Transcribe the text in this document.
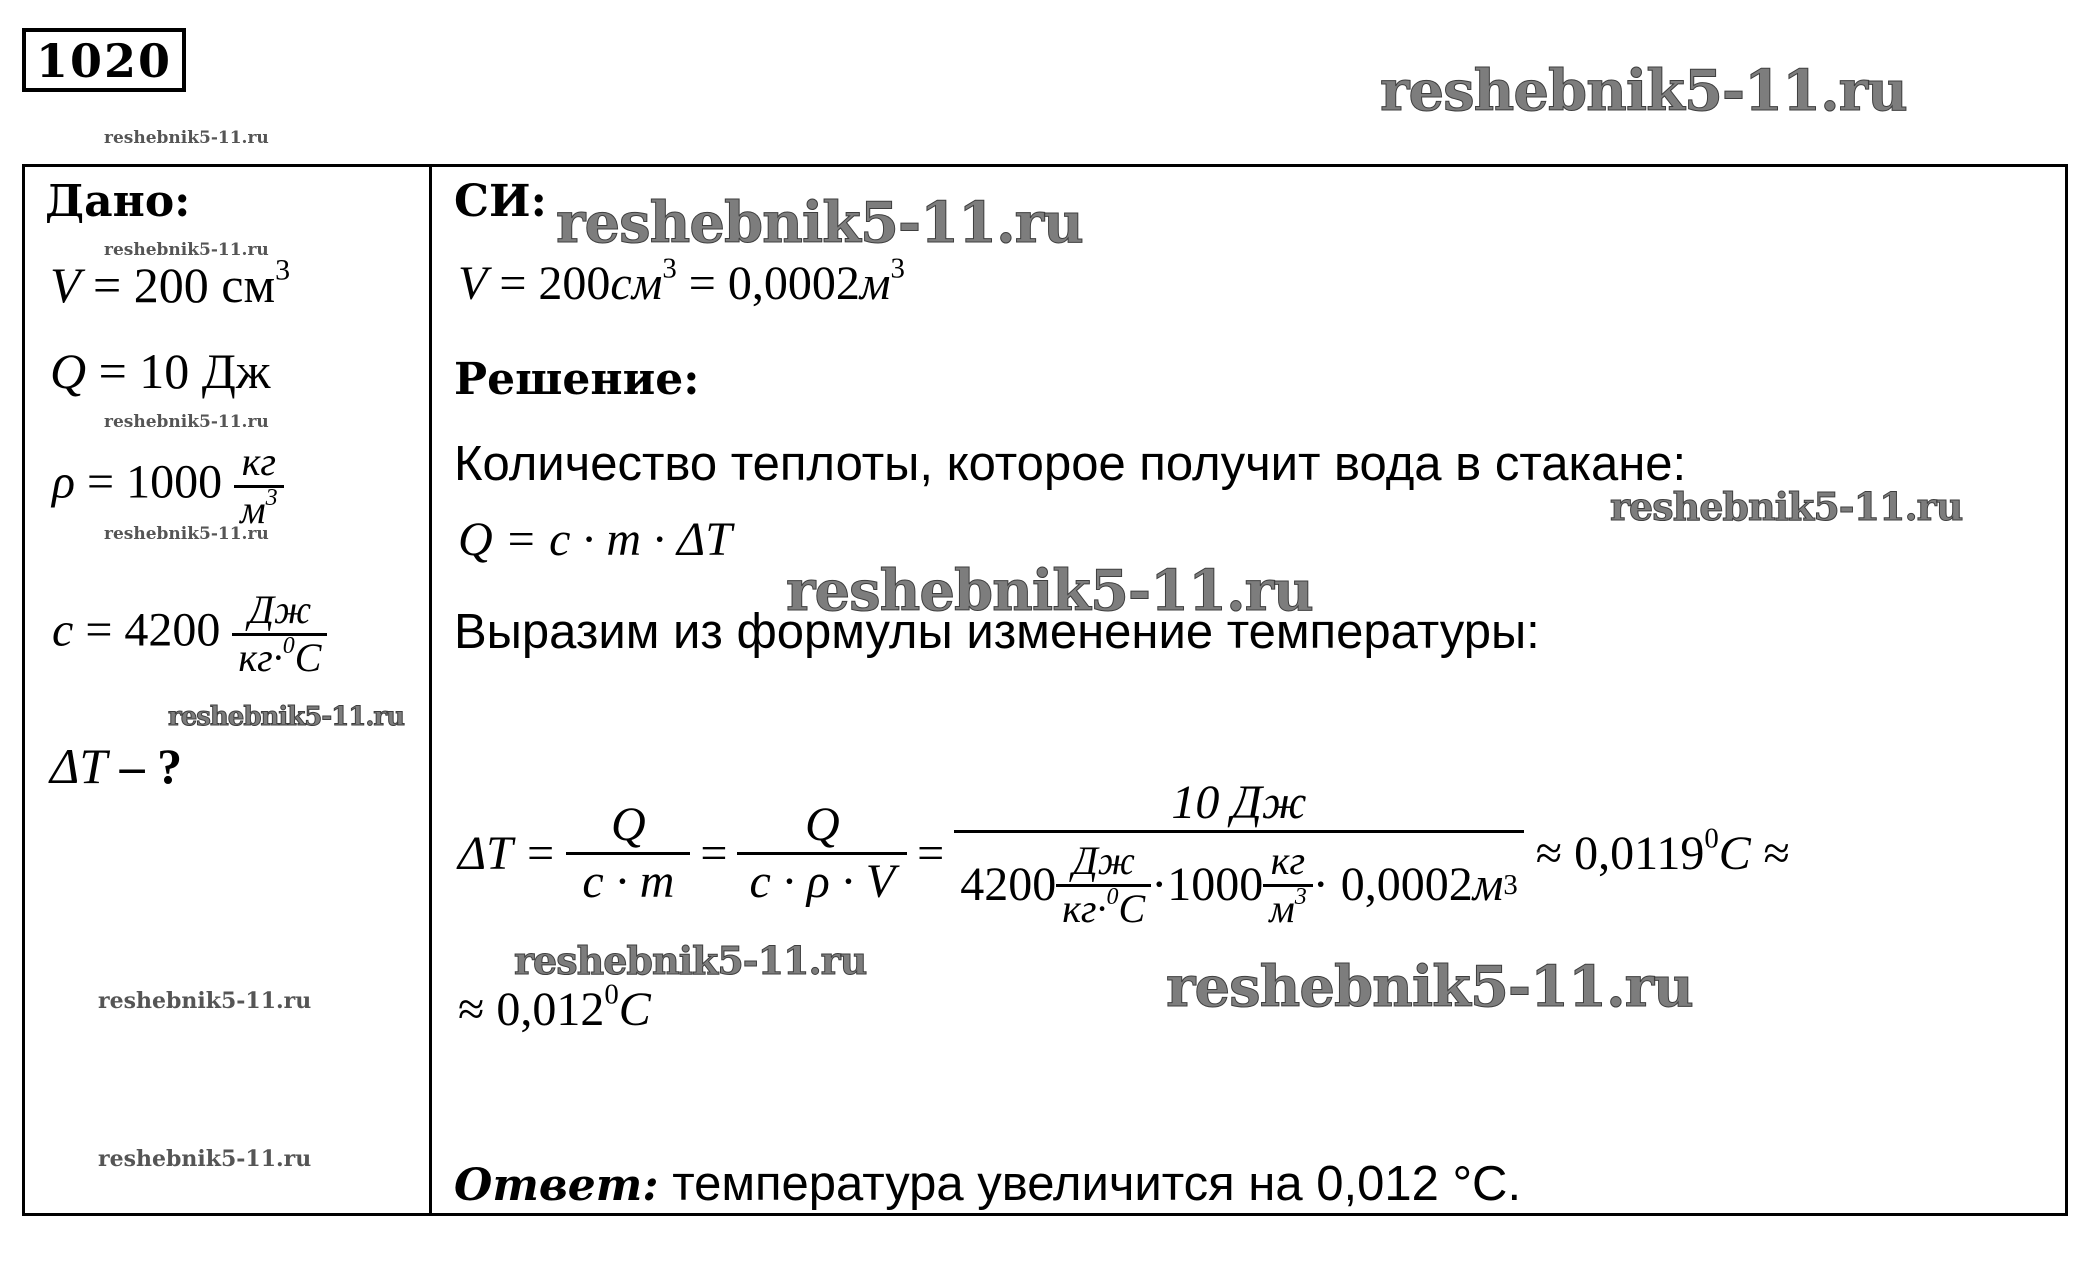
1020
Дано:
V = 200 $см^3$
Q = 10 Дж
$\rho = 1000 \frac{кг}{м^3}$
$c = 4200 \frac{Дж}{кг\cdot^0C}$
ΔT – ?
СИ:
$V = 200см^3 = 0,0002м^3$
Решение:
Количество теплоты, которое получит вода в стакане:
Q = c · m · ΔT
Выразим из формулы изменение температуры:
$\Delta T = \frac{Q}{c \cdot m} = \frac{Q}{c \cdot \rho \cdot V} = \frac{10 Дж}{4200 \frac{Дж}{кг\cdot^0C} \cdot 1000 \frac{кг}{м^3} \cdot 0,0002 м 3} \approx 0,0119^0C$ ≈
≈ $0,012^0C$
Ответ: температура увеличится на 0,012 °С.
reshebnik5-11.ru
reshebnik5-11.ru
reshebnik5-11.ru
reshebnik5-11.ru
reshebnik5-11.ru
reshebnik5-11.ru
reshebnik5-11.ru
reshebnik5-11.ru
reshebnik5-11.ru
reshebnik5-11.ru	reshebnik5-11.ru
reshebnik5-11.ru
reshebnik5-11.ru
